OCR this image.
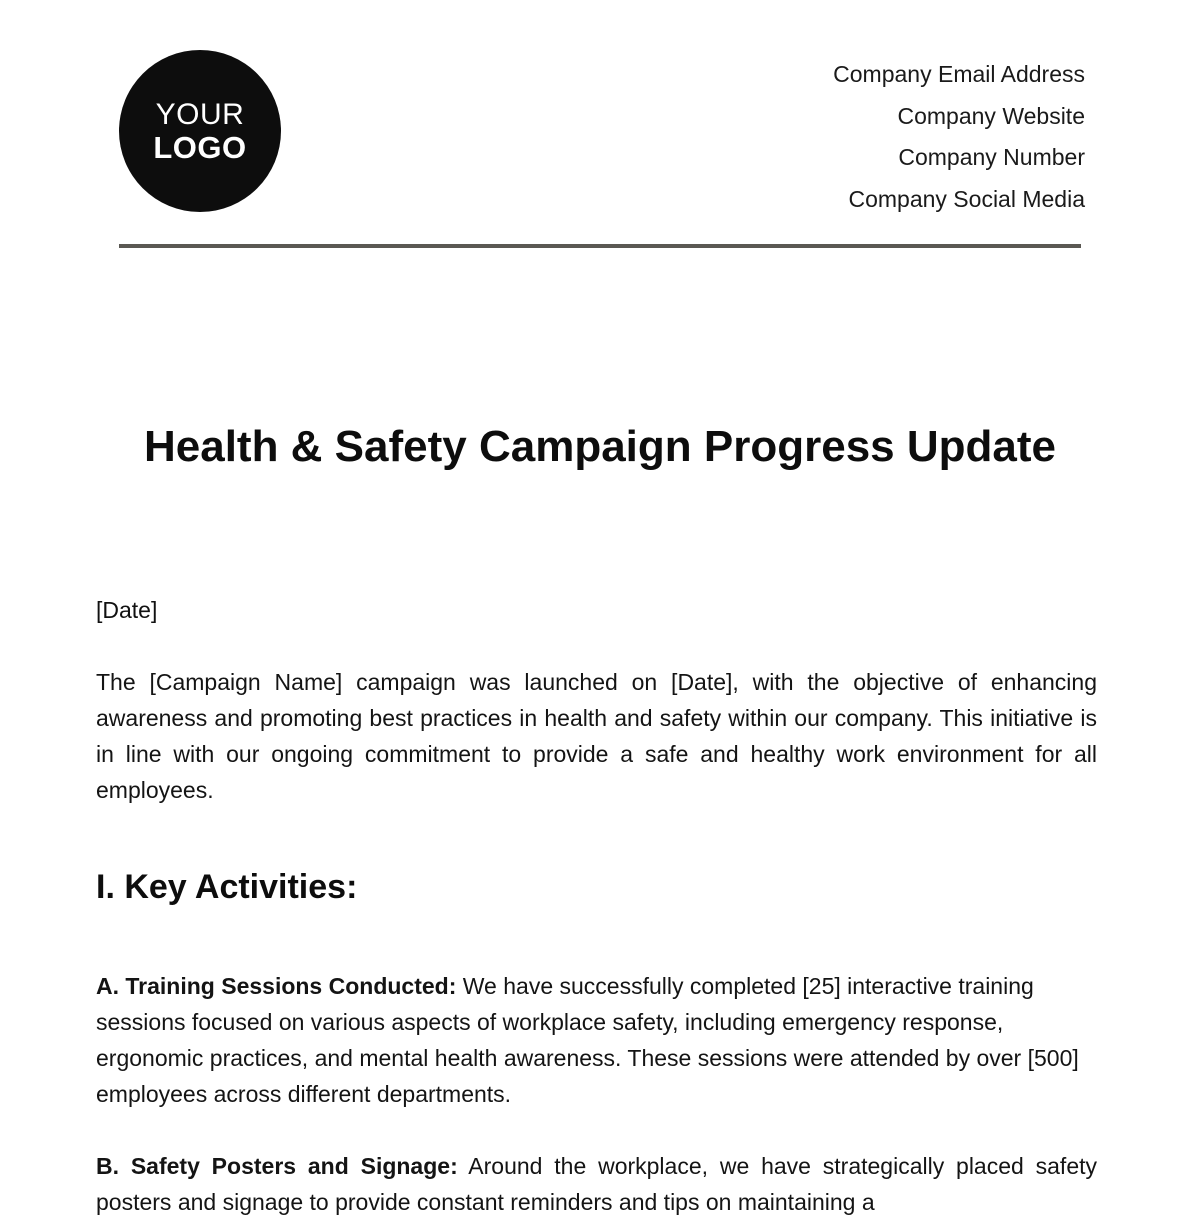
YOUR
LOGO
Company Email Address
Company Website
Company Number
Company Social Media
Health & Safety Campaign Progress Update
[Date]
The [Campaign Name] campaign was launched on [Date], with the objective of enhancing awareness and promoting best practices in health and safety within our company. This initiative is in line with our ongoing commitment to provide a safe and healthy work environment for all employees.
I. Key Activities:
A. Training Sessions Conducted: We have successfully completed [25] interactive training sessions focused on various aspects of workplace safety, including emergency response, ergonomic practices, and mental health awareness. These sessions were attended by over [500] employees across different departments.
B. Safety Posters and Signage: Around the workplace, we have strategically placed safety posters and signage to provide constant reminders and tips on maintaining a
